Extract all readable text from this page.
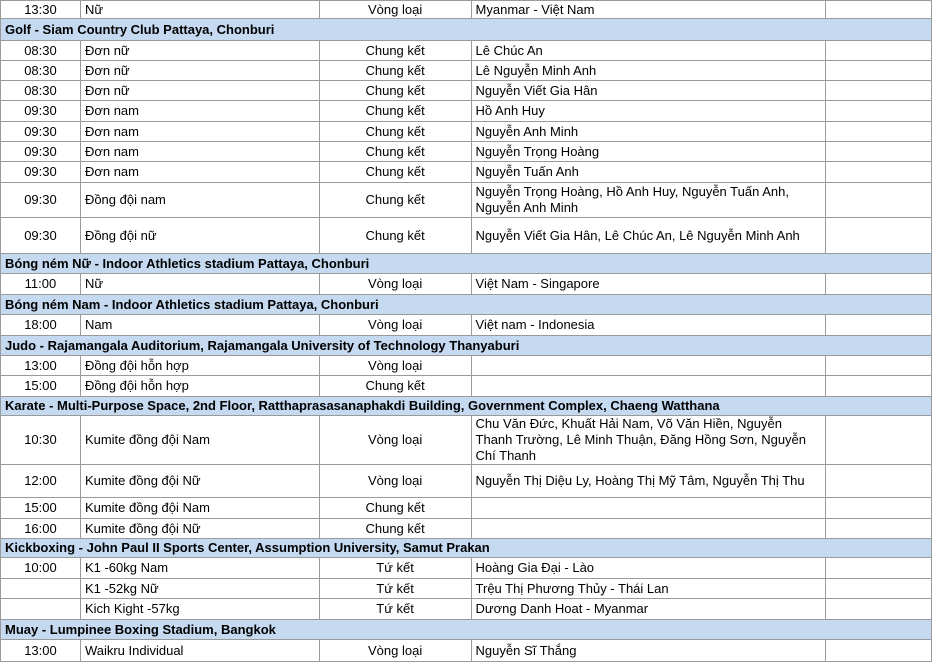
13:30	Nữ	Vòng loại	Myanmar - Việt Nam	
Golf - Siam Country Club Pattaya, Chonburi				
08:30	Đơn nữ	Chung kết	Lê Chúc An	
08:30	Đơn nữ	Chung kết	Lê Nguyễn Minh Anh	
08:30	Đơn nữ	Chung kết	Nguyễn Viết Gia Hân	
09:30	Đơn nam	Chung kết	Hồ Anh Huy	
09:30	Đơn nam	Chung kết	Nguyễn Anh Minh	
09:30	Đơn nam	Chung kết	Nguyễn Trọng Hoàng	
09:30	Đơn nam	Chung kết	Nguyễn Tuấn Anh	
09:30	Đồng đội nam	Chung kết	Nguyễn Trọng Hoàng, Hồ Anh Huy, Nguyễn Tuấn Anh, Nguyễn Anh Minh	
09:30	Đồng đội nữ	Chung kết	Nguyễn Viết Gia Hân, Lê Chúc An, Lê Nguyễn Minh Anh	
Bóng ném Nữ - Indoor Athletics stadium Pattaya, Chonburi				
11:00	Nữ	Vòng loại	Việt Nam - Singapore	
Bóng ném Nam - Indoor Athletics stadium Pattaya, Chonburi				
18:00	Nam	Vòng loại	Việt nam - Indonesia	
Judo - Rajamangala Auditorium, Rajamangala University of Technology Thanyaburi				
13:00	Đồng đội hỗn hợp	Vòng loại		
15:00	Đồng đội hỗn hợp	Chung kết		
Karate - Multi-Purpose Space, 2nd Floor, Ratthaprasasanaphakdi Building, Government Complex, Chaeng Watthana				
10:30	Kumite đồng đội Nam	Vòng loại	Chu Văn Đức, Khuất Hải Nam, Võ Văn Hiền, Nguyễn Thanh Trường, Lê Minh Thuận, Đăng Hồng Sơn, Nguyễn Chí Thanh	
12:00	Kumite đồng đội Nữ	Vòng loại	Nguyễn Thị Diệu Ly, Hoàng Thị Mỹ Tâm, Nguyễn Thị Thu	
15:00	Kumite đồng đội Nam	Chung kết		
16:00	Kumite đồng đội Nữ	Chung kết		
Kickboxing - John Paul II Sports Center, Assumption University, Samut Prakan				
10:00	K1 -60kg Nam	Tứ kết	Hoàng Gia Đại - Lào	
	K1 -52kg Nữ	Tứ kết	Trệu Thị Phương Thủy - Thái Lan	
	Kich Kight -57kg	Tứ kết	Dương Danh Hoat - Myanmar	
Muay - Lumpinee Boxing Stadium, Bangkok				
13:00	Waikru Individual	Vòng loại	Nguyễn Sĩ Thắng	
